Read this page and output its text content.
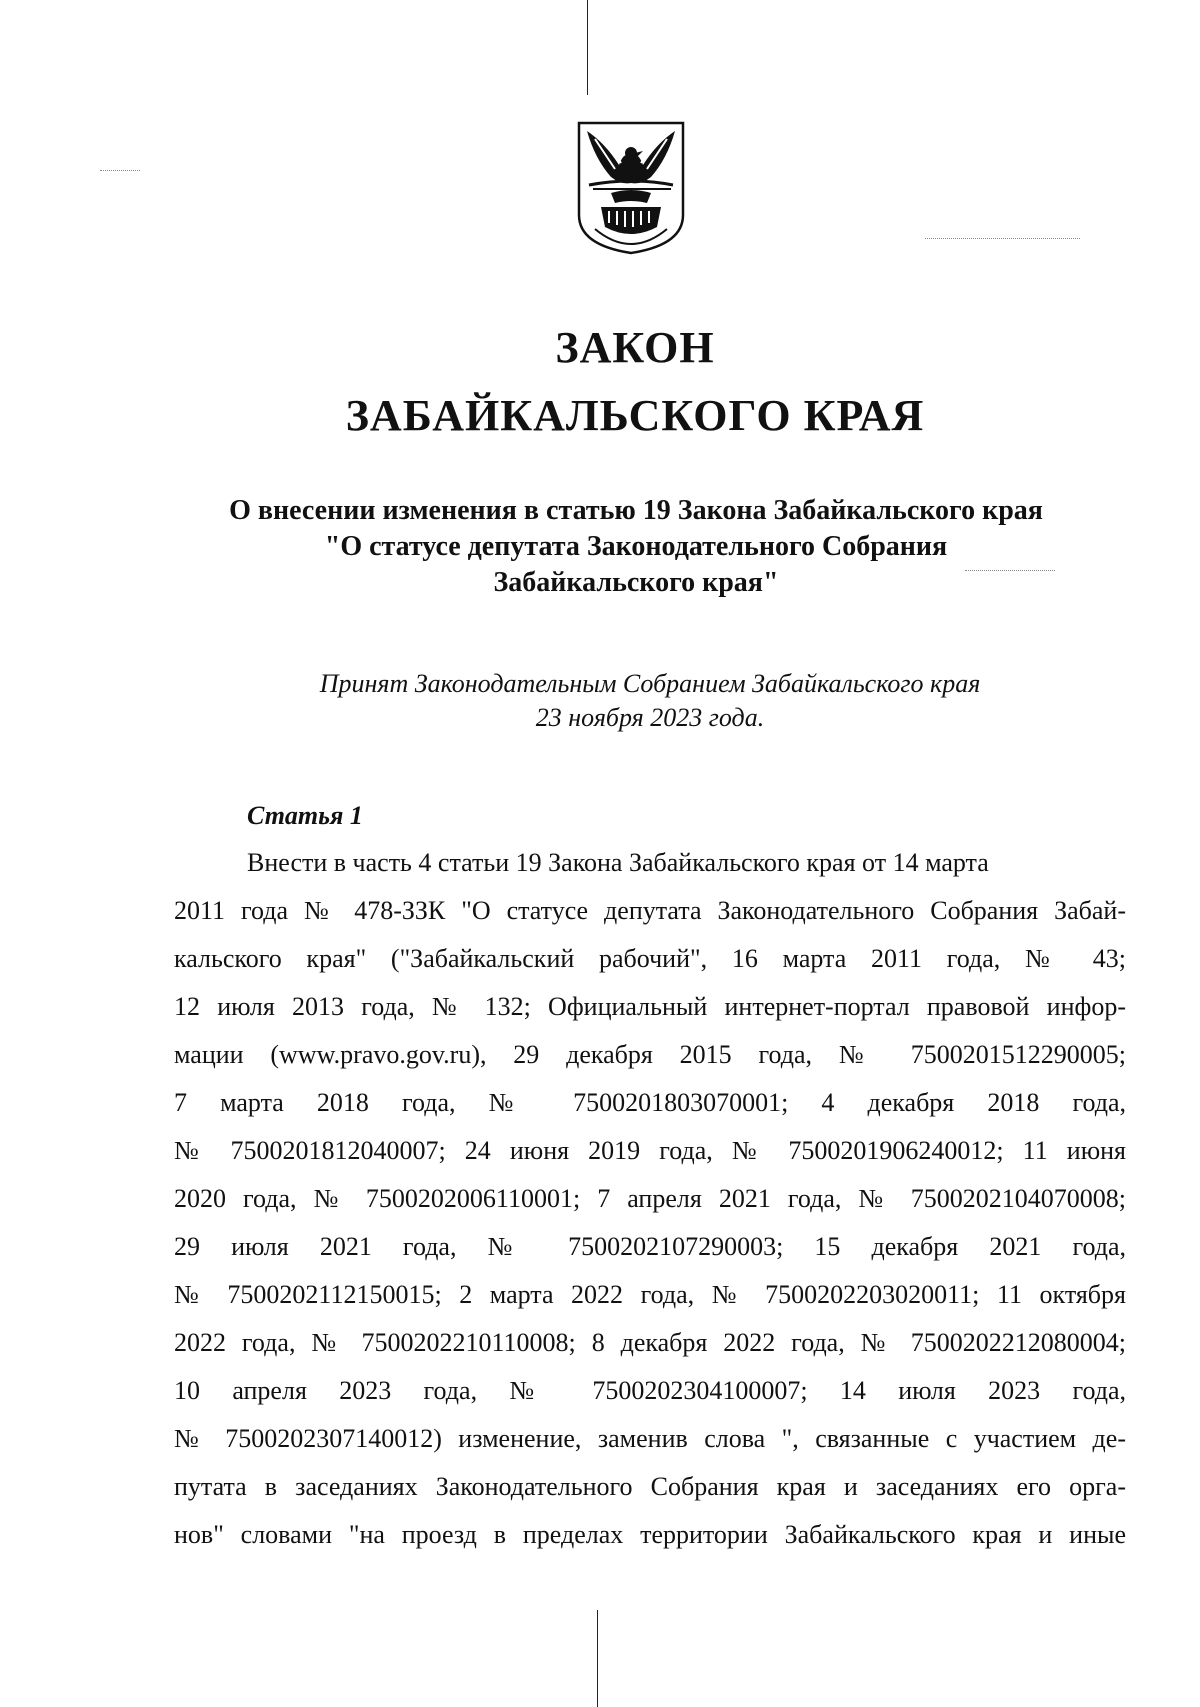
ЗАКОН
ЗАБАЙКАЛЬСКОГО КРАЯ

О внесении изменения в статью 19 Закона Забайкальского края

"О статусе депутата Законодательного Собрания

Забайкальского края"

Принят Законодательным Собранием Забайкальского края

23 ноября 2023 года.

Статья 1

Внести в часть 4 статьи 19 Закона Забайкальского края от 14 марта
2011 года № 478-ЗЗК "О статусе депутата Законодательного Собрания Забай-
кальского края" ("Забайкальский рабочий", 16 марта 2011 года, № 43;
12 июля 2013 года, № 132; Официальный интернет-портал правовой инфор-
мации (www.pravo.gov.ru), 29 декабря 2015 года, № 7500201512290005;
7 марта 2018 года, № 7500201803070001; 4 декабря 2018 года,
№ 7500201812040007; 24 июня 2019 года, № 7500201906240012; 11 июня
2020 года, № 7500202006110001; 7 апреля 2021 года, № 7500202104070008;
29 июля 2021 года, № 7500202107290003; 15 декабря 2021 года,
№ 7500202112150015; 2 марта 2022 года, № 7500202203020011; 11 октября
2022 года, № 7500202210110008; 8 декабря 2022 года, № 7500202212080004;
10 апреля 2023 года, № 7500202304100007; 14 июля 2023 года,
№ 7500202307140012) изменение, заменив слова ", связанные с участием де-
путата в заседаниях Законодательного Собрания края и заседаниях его орга-
нов" словами "на проезд в пределах территории Забайкальского края и иные
